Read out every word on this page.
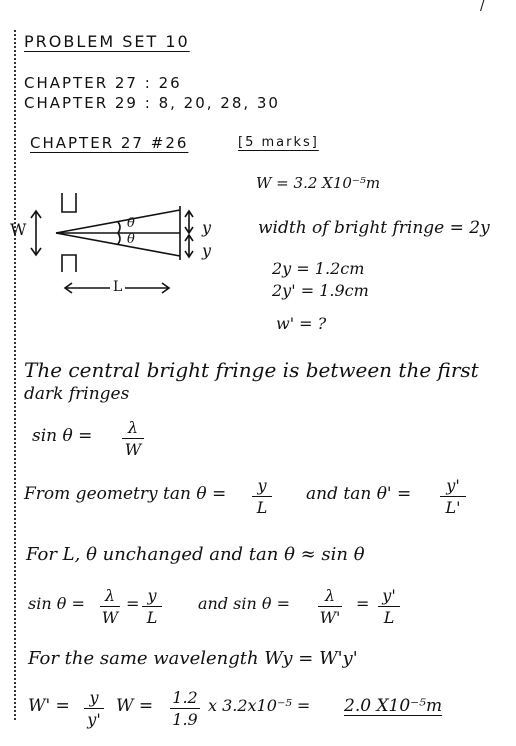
/
PROBLEM SET 10
CHAPTER 27 : 26
CHAPTER 29 : 8, 20, 28, 30
CHAPTER 27 #26	[5 marks]
W	θ
θ
y
y
L
W = 3.2 X10⁻⁵m
width of bright fringe = 2y
2y = 1.2cm
2y' = 1.9cm
w' = ?
The central bright fringe is between the first
dark fringes
sin θ =	λ
W
From geometry tan θ =	y
L
and tan θ' =	y'
L'
For L, θ unchanged and tan θ ≈ sin θ
sin θ =	λ
W
= y
L
and sin θ =	λ
W'
= y'
L
For the same wavelength Wy = W'y'
W' =	y
y'
W = 1.2
1.9
x 3.2x10⁻⁵ = 2.0 X10⁻⁵m
